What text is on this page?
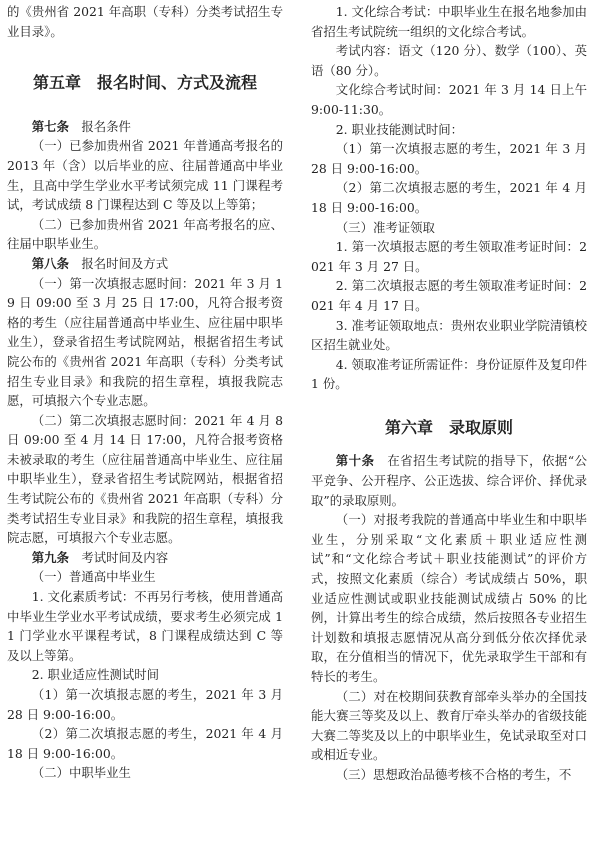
的《贵州省 2021 年高职（专科）分类考试招生专业目录》。

第五章　报名时间、方式及流程

第七条　报名条件

（一）已参加贵州省 2021 年普通高考报名的 2013 年（含）以后毕业的应、往届普通高中毕业生，且高中学生学业水平考试须完成 11 门课程考试，考试成绩 8 门课程达到 C 等及以上等第；

（二）已参加贵州省 2021 年高考报名的应、往届中职毕业生。

第八条　报名时间及方式

（一）第一次填报志愿时间：2021 年 3 月 19 日 09:00 至 3 月 25 日 17:00，凡符合报考资格的考生（应往届普通高中毕业生、应往届中职毕业生），登录省招生考试院网站，根据省招生考试院公布的《贵州省 2021 年高职（专科）分类考试招生专业目录》和我院的招生章程，填报我院志愿，可填报六个专业志愿。

（二）第二次填报志愿时间：2021 年 4 月 8 日 09:00 至 4 月 14 日 17:00，凡符合报考资格未被录取的考生（应往届普通高中毕业生、应往届中职毕业生），登录省招生考试院网站，根据省招生考试院公布的《贵州省 2021 年高职（专科）分类考试招生专业目录》和我院的招生章程，填报我院志愿，可填报六个专业志愿。

第九条　考试时间及内容

（一）普通高中毕业生

1. 文化素质考试：不再另行考核，使用普通高中毕业生学业水平考试成绩，要求考生必须完成 11 门学业水平课程考试，8 门课程成绩达到 C 等及以上等第。

2. 职业适应性测试时间

（1）第一次填报志愿的考生，2021 年 3 月 28 日 9:00-16:00。

（2）第二次填报志愿的考生，2021 年 4 月 18 日 9:00-16:00。

（二）中职毕业生

1. 文化综合考试：中职毕业生在报名地参加由省招生考试院统一组织的文化综合考试。

考试内容：语文（120 分）、数学（100）、英语（80 分）。

文化综合考试时间：2021 年 3 月 14 日上午 9:00-11:30。

2. 职业技能测试时间：

（1）第一次填报志愿的考生，2021 年 3 月 28 日 9:00-16:00。

（2）第二次填报志愿的考生，2021 年 4 月 18 日 9:00-16:00。

（三）准考证领取

1. 第一次填报志愿的考生领取准考证时间：2021 年 3 月 27 日。

2. 第二次填报志愿的考生领取准考证时间：2021 年 4 月 17 日。

3. 准考证领取地点：贵州农业职业学院清镇校区招生就业处。

4. 领取准考证所需证件：身份证原件及复印件 1 份。

第六章　录取原则

第十条　在省招生考试院的指导下，依据“公平竞争、公开程序、公正选拔、综合评价、择优录取”的录取原则。

（一）对报考我院的普通高中毕业生和中职毕业生，分别采取“文化素质＋职业适应性测试”和“文化综合考试＋职业技能测试”的评价方式，按照文化素质（综合）考试成绩占 50%，职业适应性测试或职业技能测试成绩占 50% 的比例，计算出考生的综合成绩，然后按照各专业招生计划数和填报志愿情况从高分到低分依次择优录取，在分值相当的情况下，优先录取学生干部和有特长的考生。

（二）对在校期间获教育部牵头举办的全国技能大赛三等奖及以上、教育厅牵头举办的省级技能大赛二等奖及以上的中职毕业生，免试录取至对口或相近专业。

（三）思想政治品德考核不合格的考生，不
